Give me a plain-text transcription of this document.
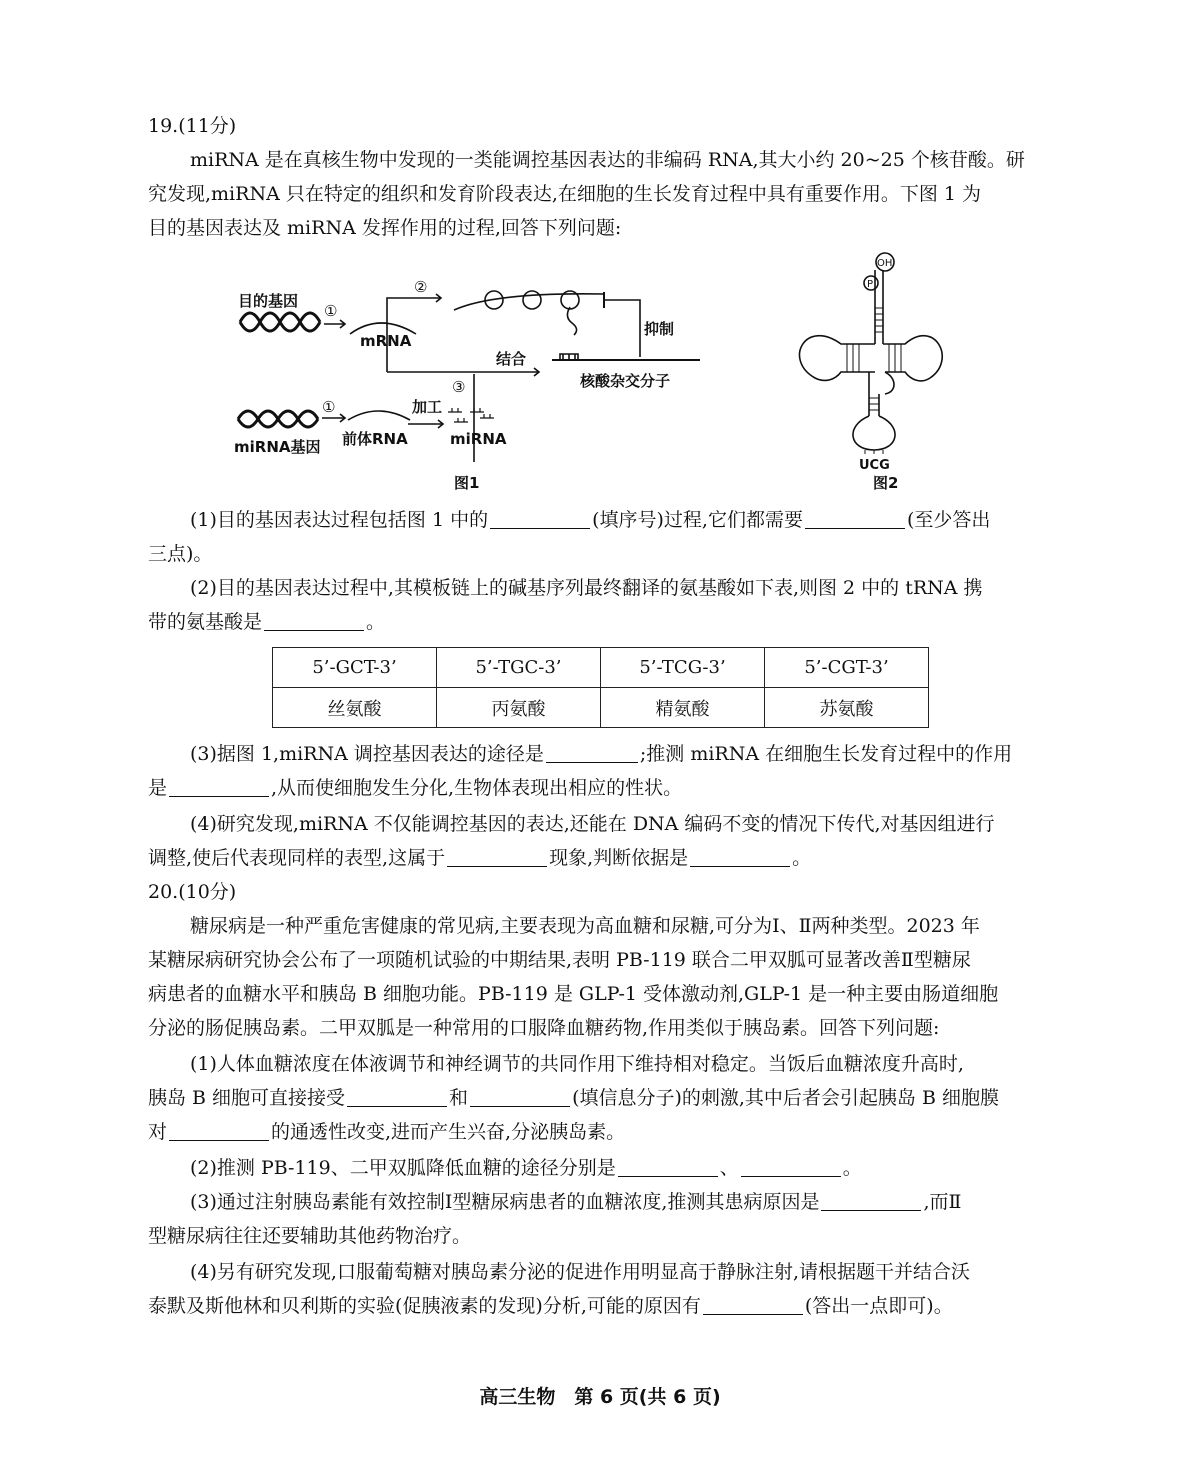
19.(11分)
miRNA 是在真核生物中发现的一类能调控基因表达的非编码 RNA,其大小约 20~25 个核苷酸。研
究发现,miRNA 只在特定的组织和发育阶段表达,在细胞的生长发育过程中具有重要作用。下图 1 为
目的基因表达及 miRNA 发挥作用的过程,回答下列问题:
(1)目的基因表达过程包括图 1 中的	(填序号)过程,它们都需要	(至少答出
三点)。
(2)目的基因表达过程中,其模板链上的碱基序列最终翻译的氨基酸如下表,则图 2 中的 tRNA 携
带的氨基酸是	。
(3)据图 1,miRNA 调控基因表达的途径是	;推测 miRNA 在细胞生长发育过程中的作用
是	,从而使细胞发生分化,生物体表现出相应的性状。
(4)研究发现,miRNA 不仅能调控基因的表达,还能在 DNA 编码不变的情况下传代,对基因组进行
调整,使后代表现同样的表型,这属于	现象,判断依据是	。
20.(10分)
糖尿病是一种严重危害健康的常见病,主要表现为高血糖和尿糖,可分为Ⅰ、Ⅱ两种类型。2023 年
某糖尿病研究协会公布了一项随机试验的中期结果,表明 PB-119 联合二甲双胍可显著改善Ⅱ型糖尿
病患者的血糖水平和胰岛 B 细胞功能。PB-119 是 GLP-1 受体激动剂,GLP-1 是一种主要由肠道细胞
分泌的肠促胰岛素。二甲双胍是一种常用的口服降血糖药物,作用类似于胰岛素。回答下列问题:
(1)人体血糖浓度在体液调节和神经调节的共同作用下维持相对稳定。当饭后血糖浓度升高时,
胰岛 B 细胞可直接接受	和	(填信息分子)的刺激,其中后者会引起胰岛 B 细胞膜
对	的通透性改变,进而产生兴奋,分泌胰岛素。
(2)推测 PB-119、二甲双胍降低血糖的途径分别是	、	。
(3)通过注射胰岛素能有效控制Ⅰ型糖尿病患者的血糖浓度,推测其患病原因是	,而Ⅱ
型糖尿病往往还要辅助其他药物治疗。
(4)另有研究发现,口服葡萄糖对胰岛素分泌的促进作用明显高于静脉注射,请根据题干并结合沃
泰默及斯他林和贝利斯的实验(促胰液素的发现)分析,可能的原因有	(答出一点即可)。
目的基因
①
②
mRNA
抑制
结合
核酸杂交分子
③
①	加工
miRNA基因 前体RNA	miRNA
图1
OH
P
UCG
图2
5’-GCT-3’	5’-TGC-3’	5’-TCG-3’	5’-CGT-3’
丝氨酸	丙氨酸	精氨酸	苏氨酸
高三生物　第 6 页(共 6 页)
